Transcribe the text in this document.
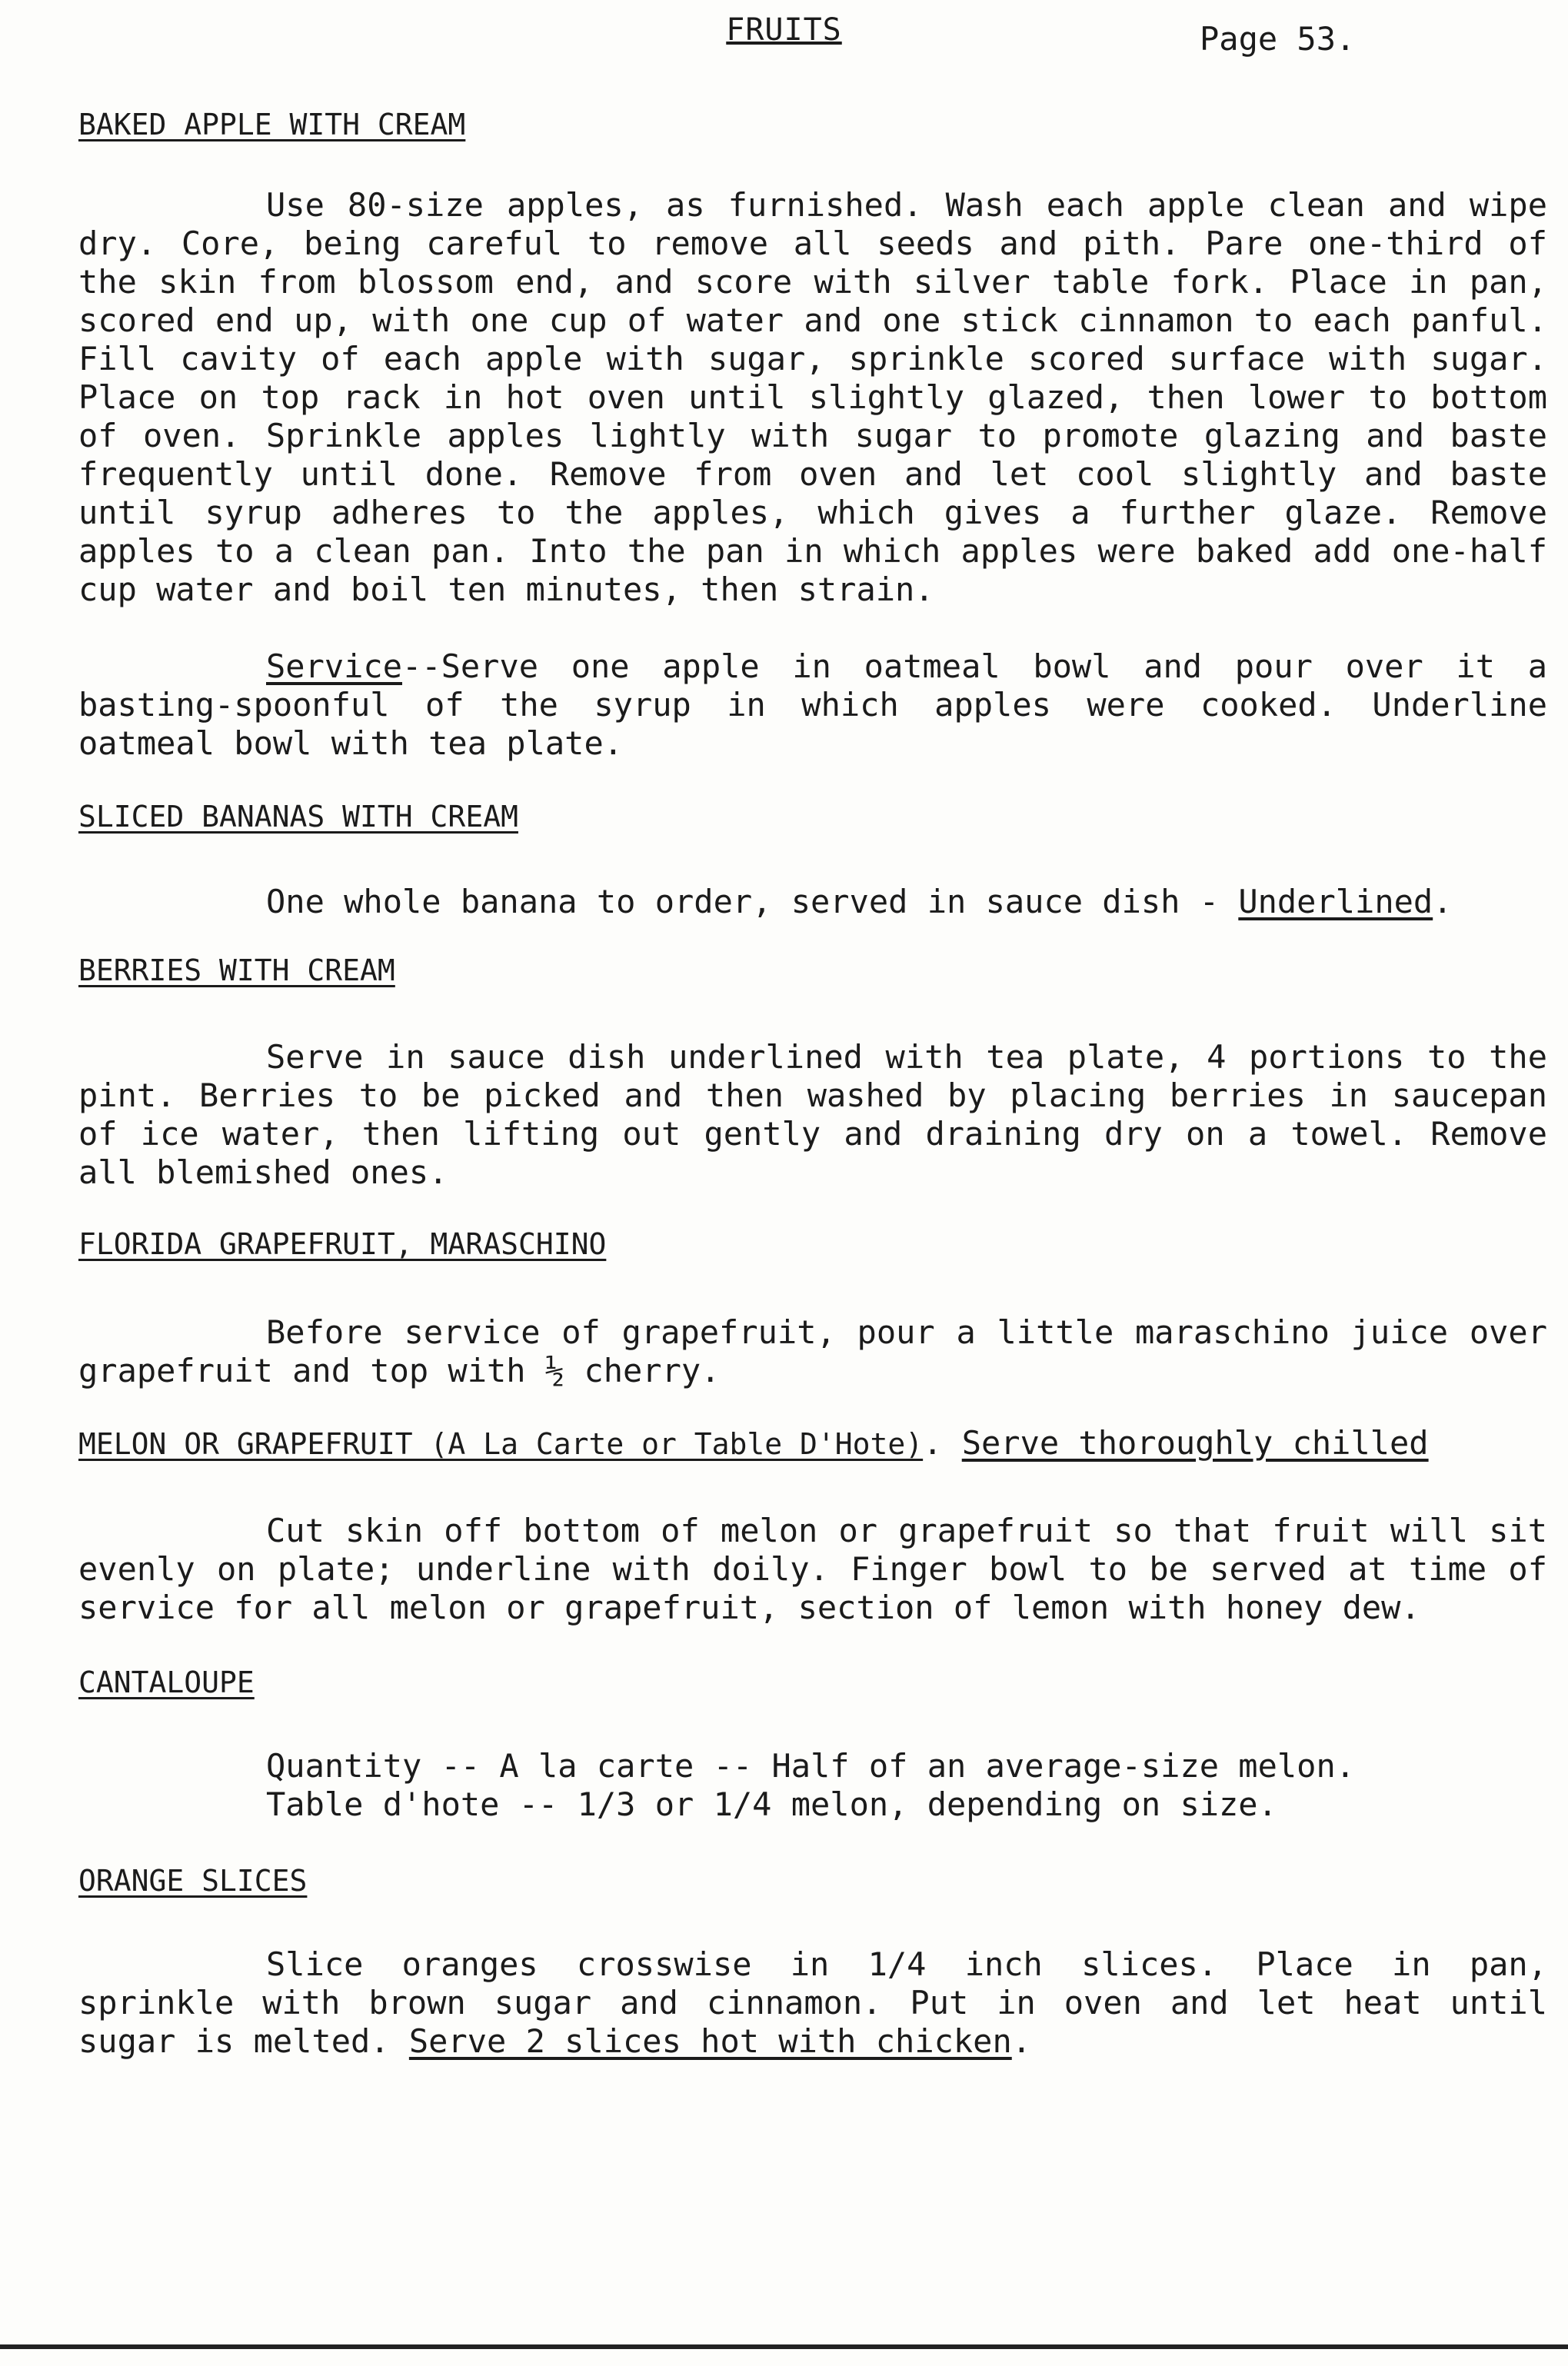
FRUITS	Page 53.
BAKED APPLE WITH CREAM
Use 80-size apples, as furnished. Wash each apple clean and wipe dry. Core, being careful to remove all seeds and pith. Pare one-third of the skin from blossom end, and score with silver table fork. Place in pan, scored end up, with one cup of water and one stick cinnamon to each panful. Fill cavity of each apple with sugar, sprinkle scored surface with sugar. Place on top rack in hot oven until slightly glazed, then lower to bottom of oven. Sprinkle apples lightly with sugar to promote glazing and baste frequently until done. Remove from oven and let cool slightly and baste until syrup adheres to the apples, which gives a further glaze. Remove apples to a clean pan. Into the pan in which apples were baked add one-half cup water and boil ten minutes, then strain.
Service--Serve one apple in oatmeal bowl and pour over it a basting-spoonful of the syrup in which apples were cooked. Underline oatmeal bowl with tea plate.
SLICED BANANAS WITH CREAM
One whole banana to order, served in sauce dish - Underlined.
BERRIES WITH CREAM
Serve in sauce dish underlined with tea plate, 4 portions to the pint. Berries to be picked and then washed by placing berries in saucepan of ice water, then lifting out gently and draining dry on a towel. Remove all blemished ones.
FLORIDA GRAPEFRUIT, MARASCHINO
Before service of grapefruit, pour a little maraschino juice over grapefruit and top with ½ cherry.
MELON OR GRAPEFRUIT (A La Carte or Table D'Hote). Serve thoroughly chilled
Cut skin off bottom of melon or grapefruit so that fruit will sit evenly on plate; underline with doily. Finger bowl to be served at time of service for all melon or grapefruit, section of lemon with honey dew.
CANTALOUPE
Quantity -- A la carte -- Half of an average-size melon.
Table d'hote -- 1/3 or 1/4 melon, depending on size.
ORANGE SLICES
Slice oranges crosswise in 1/4 inch slices. Place in pan, sprinkle with brown sugar and cinnamon. Put in oven and let heat until sugar is melted. Serve 2 slices hot with chicken.
